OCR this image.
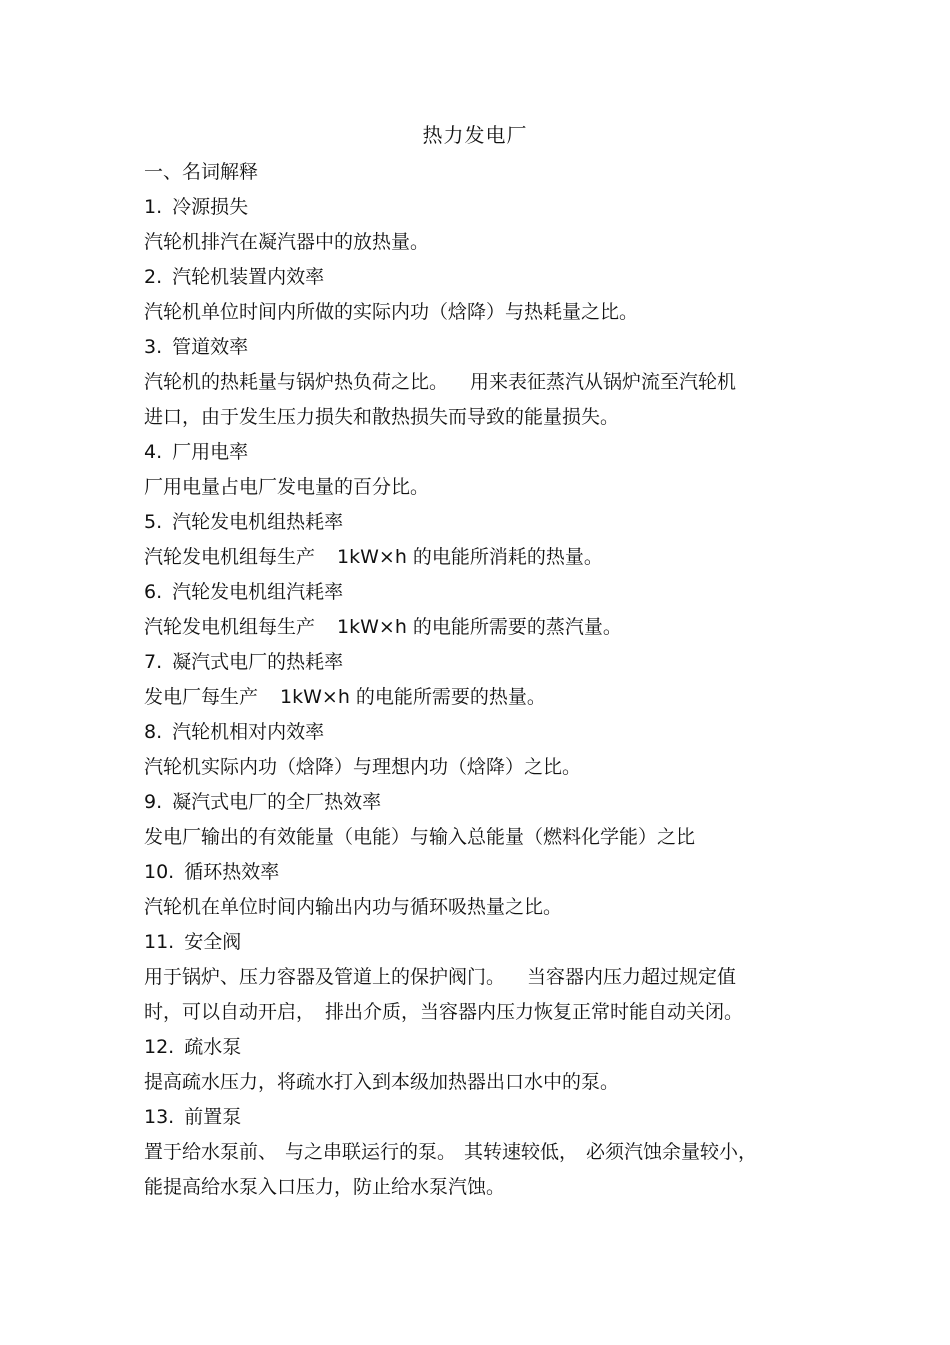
热力发电厂
一、名词解释
1. 冷源损失
汽轮机排汽在凝汽器中的放热量。
2. 汽轮机装置内效率
汽轮机单位时间内所做的实际内功（焓降）与热耗量之比。
3. 管道效率
汽轮机的热耗量与锅炉热负荷之比。 用来表征蒸汽从锅炉流至汽轮机
进口，由于发生压力损失和散热损失而导致的能量损失。
4. 厂用电率
厂用电量占电厂发电量的百分比。
5. 汽轮发电机组热耗率
汽轮发电机组每生产 1kW×h 的电能所消耗的热量。
6. 汽轮发电机组汽耗率
汽轮发电机组每生产 1kW×h 的电能所需要的蒸汽量。
7. 凝汽式电厂的热耗率
发电厂每生产 1kW×h 的电能所需要的热量。
8. 汽轮机相对内效率
汽轮机实际内功（焓降）与理想内功（焓降）之比。
9. 凝汽式电厂的全厂热效率
发电厂输出的有效能量（电能）与输入总能量（燃料化学能）之比
10. 循环热效率
汽轮机在单位时间内输出内功与循环吸热量之比。
11. 安全阀
用于锅炉、压力容器及管道上的保护阀门。 当容器内压力超过规定值
时，可以自动开启， 排出介质，当容器内压力恢复正常时能自动关闭。
12. 疏水泵
提高疏水压力，将疏水打入到本级加热器出口水中的泵。
13. 前置泵
置于给水泵前、 与之串联运行的泵。 其转速较低， 必须汽蚀余量较小，
能提高给水泵入口压力，防止给水泵汽蚀。
